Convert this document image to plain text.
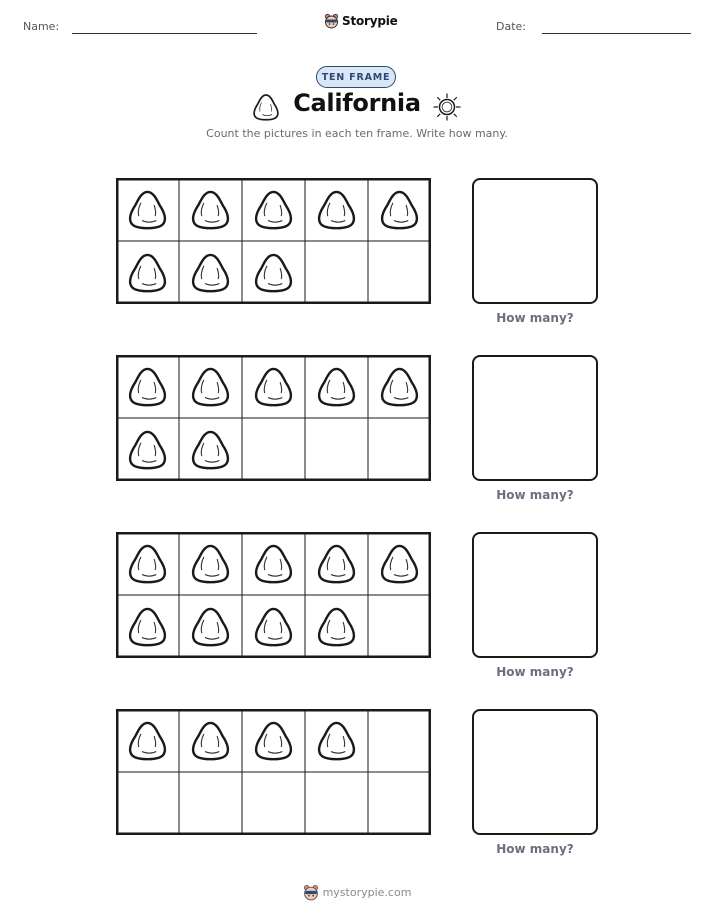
Name:	Storypie	Date:
TEN FRAME
California
Count the pictures in each ten frame. Write how many.
How many?
How many?
How many?
How many?
mystorypie.com
